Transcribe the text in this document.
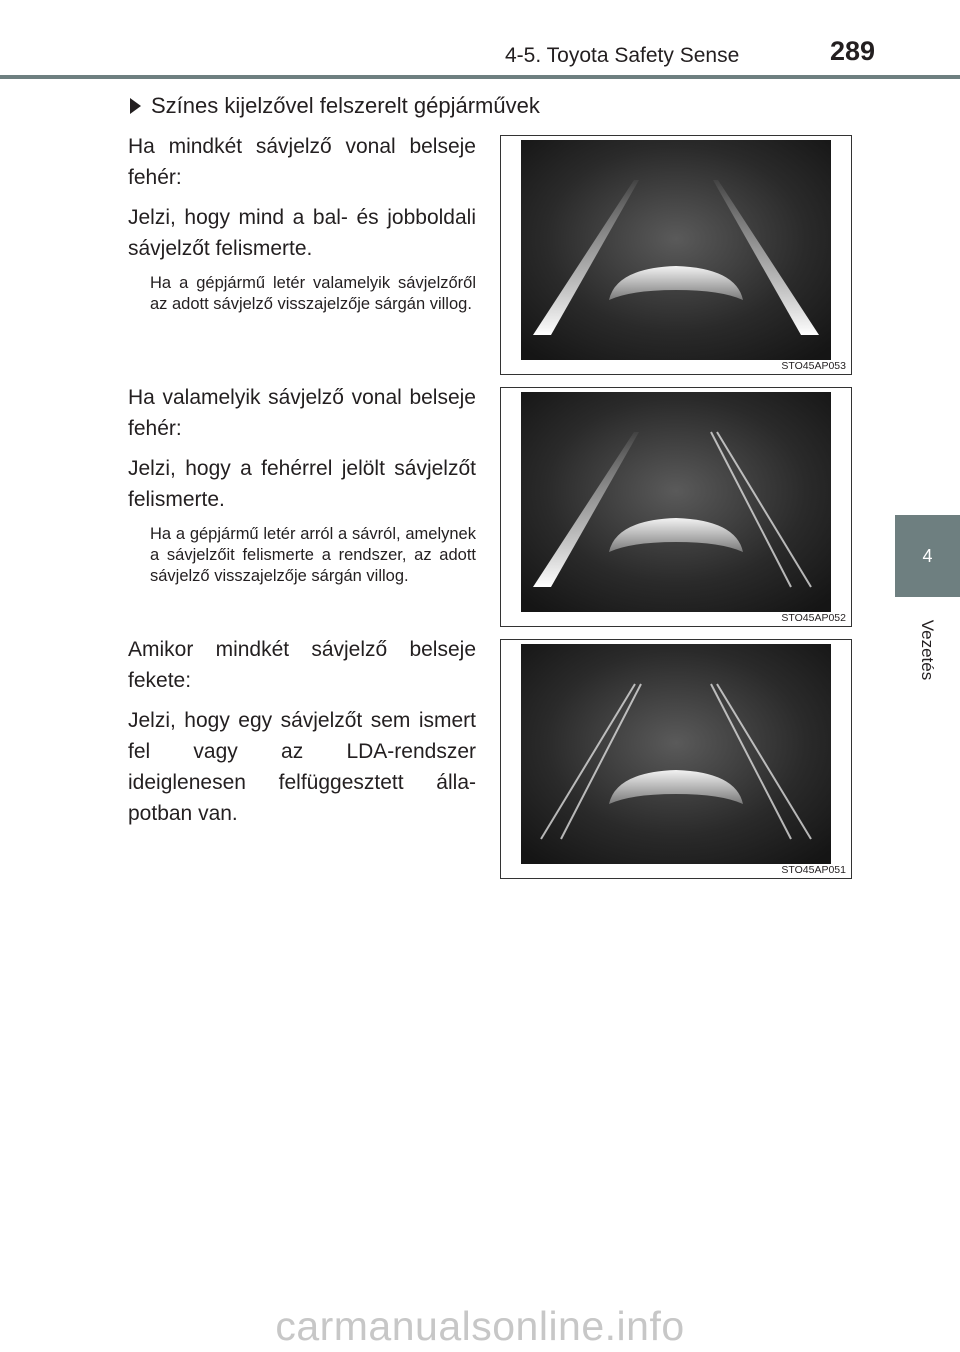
4-5. Toyota Safety Sense	289
4
Vezetés
Színes kijelzővel felszerelt gépjárművek

Ha mindkét sávjelző vonal belseje fehér:

Jelzi, hogy mind a bal- és jobboldali sávjelzőt felismerte.

Ha a gépjármű letér valamelyik sávjelzőről az adott sávjelző visszajelzője sárgán villog.

Ha valamelyik sávjelző vonal belseje fehér:

Jelzi, hogy a fehérrel jelölt sávjelzőt felismerte.

Ha a gépjármű letér arról a sávról, amelynek a sávjelzőit felismerte a rendszer, az adott sávjelző visszajelzője sárgán villog.

Amikor mindkét sávjelző belseje fekete:

Jelzi, hogy egy sávjelzőt sem ismert fel vagy az LDA-rendszer ideiglenesen felfüggesztett állapotban van.

STO45AP053
STO45AP052
STO45AP051
carmanualsonline.info
